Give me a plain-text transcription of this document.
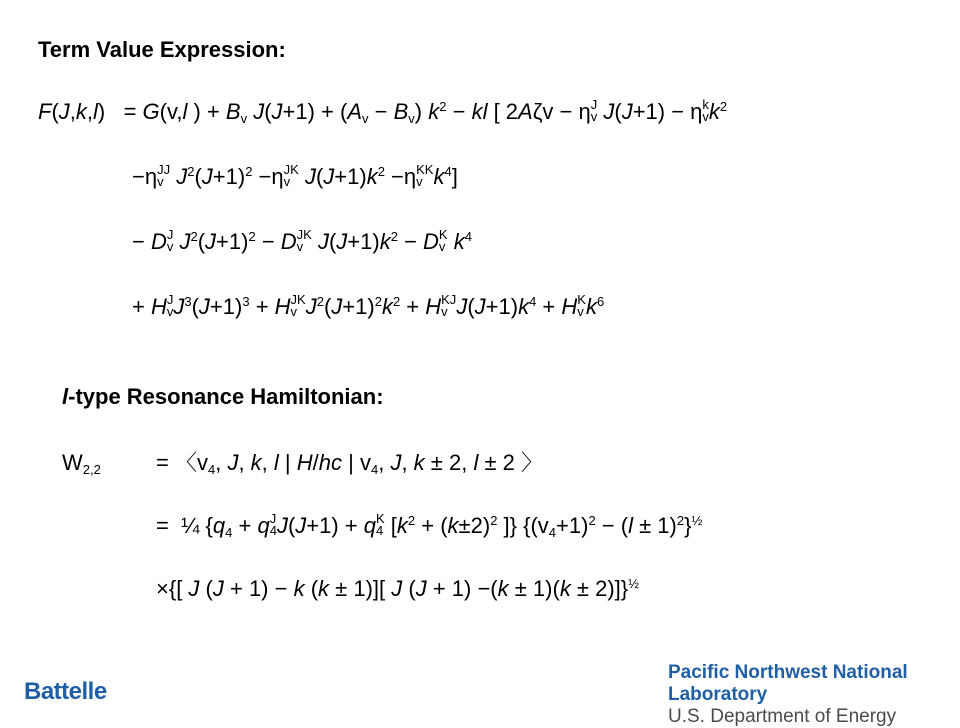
Term Value Expression:
F(J,k,l)   = G(v,l ) + $B_v$ $J(J+1) + (A_v - B_v) k^2$ − kl [ 2Aζv − η J
v J(J+1) − η k
v $k^2$
−η JJ
v $J^2(J+1)^2 -\eta$ JK
v $J(J+1)k^2 -\eta$ KK
v $k^4$]
− D J
v $J^2(J+1)^2 - D$ JK
v $J(J+1)k^2 - D$ K
v $k^4$
+ H J
v $J^3(J+1)^3 + H$ JK
v $J^2(J+1)^2k^2 + H$ KJ
v $J(J+1)k^4 + H$ K
v $k^6$
l-type Resonance Hamiltonian:
$W_{2,2}$	= 〈$v_4$, J, k, l | H/hc | $v_4$, J, k ± 2, l ± 2 〉
=  ¼ {$q_4 + q$ J
4 J(J+1) + q K
4 [$k^2 + (k\pm 2)^2$ ]} $\{(v_4+1)^2 - (l \pm 1)^2\}^{\frac{1}{2}}$
×{[ J (J + 1) − k (k ± 1)][ J (J + 1) −(k ± 1)(k ± 2)]}$^{\frac{1}{2}}$
Battelle
Pacific Northwest National Laboratory
U.S. Department of Energy
